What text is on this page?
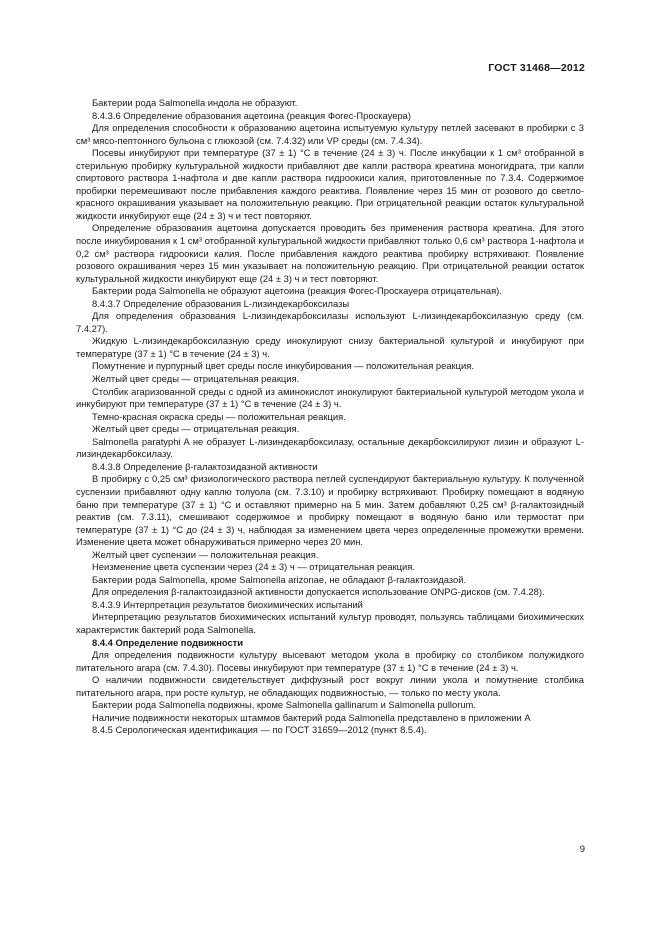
ГОСТ 31468—2012

Бактерии рода Salmonella индола не образуют.

8.4.3.6 Определение образования ацетоина (реакция Фогес-Проскауера)

Для определения способности к образованию ацетоина испытуемую культуру петлей засевают в пробирки с 3 см³ мясо-пептонного бульона с глюкозой (см. 7.4.32) или VP среды (см. 7.4.34).

Посевы инкубируют при температуре (37 ± 1) °С в течение (24 ± 3) ч. После инкубации к 1 см³ отобранной в стерильную пробирку культуральной жидкости прибавляют две капли раствора креатина моногидрата, три капли спиртового раствора 1-нафтола и две капли раствора гидроокиси калия, приготовленные по 7.3.4. Содержимое пробирки перемешивают после прибавления каждого реактива. Появление через 15 мин от розового до светло-красного окрашивания указывает на положительную реакцию. При отрицательной реакции остаток культуральной жидкости инкубируют еще (24 ± 3) ч и тест повторяют.

Определение образования ацетоина допускается проводить без применения раствора креатина. Для этого после инкубирования к 1 см³ отобранной культуральной жидкости прибавляют только 0,6 см³ раствора 1-нафтола и 0,2 см³ раствора гидроокиси калия. После прибавления каждого реактива пробирку встряхивают. Появление розового окрашивания через 15 мин указывает на положительную реакцию. При отрицательной реакции остаток культуральной жидкости инкубируют еще (24 ± 3) ч и тест повторяют.

Бактерии рода Salmonella не образуют ацетоина (реакция Фогес-Проскауера отрицательная).

8.4.3.7 Определение образования L-лизиндекарбоксилазы

Для определения образования L-лизиндекарбоксилазы используют L-лизиндекарбоксилазную среду (см. 7.4.27).

Жидкую L-лизиндекарбоксилазную среду инокулируют снизу бактериальной культурой и инкубируют при температуре (37 ± 1) °С в течение (24 ± 3) ч.

Помутнение и пурпурный цвет среды после инкубирования — положительная реакция.

Желтый цвет среды — отрицательная реакция.

Столбик агаризованной среды с одной из аминокислот инокулируют бактериальной культурой методом укола и инкубируют при температуре (37 ± 1) °С в течение (24 ± 3) ч.

Темно-красная окраска среды — положительная реакция.

Желтый цвет среды — отрицательная реакция.

Salmonella paratyphi A не образует L-лизиндекарбоксилазу, остальные декарбоксилируют лизин и образуют L-лизиндекарбоксилазу.

8.4.3.8 Определение β-галактозидазной активности

В пробирку с 0,25 см³ физиологического раствора петлей суспендируют бактериальную культуру. К полученной суспензии прибавляют одну каплю толуола (см. 7.3.10) и пробирку встряхивают. Пробирку помещают в водяную баню при температуре (37 ± 1) °С и оставляют примерно на 5 мин. Затем добавляют 0,25 см³ β-галактозидный реактив (см. 7.3.11), смешивают содержимое и пробирку помещают в водяную баню или термостат при температуре (37 ± 1) °С до (24 ± 3) ч, наблюдая за изменением цвета через определенные промежутки времени. Изменение цвета может обнаруживаться примерно через 20 мин.

Желтый цвет суспензии — положительная реакция.

Неизменение цвета суспензии через (24 ± 3) ч — отрицательная реакция.

Бактерии рода Salmonella, кроме Salmonella arizonae, не обладают β-галактозидазой.

Для определения β-галактозидазной активности допускается использование ONPG-дисков (см. 7.4.28).

8.4.3.9 Интерпретация результатов биохимических испытаний

Интерпретацию результатов биохимических испытаний культур проводят, пользуясь таблицами биохимических характеристик бактерий рода Salmonella.

8.4.4 Определение подвижности

Для определения подвижности культуру высевают методом укола в пробирку со столбиком полужидкого питательного агара (см. 7.4.30). Посевы инкубируют при температуре (37 ± 1) °С в течение (24 ± 3) ч.

О наличии подвижности свидетельствует диффузный рост вокруг линии укола и помутнение столбика питательного агара, при росте культур, не обладающих подвижностью, — только по месту укола.

Бактерии рода Salmonella подвижны, кроме Salmonella gallinarum и Salmonella pullorum.

Наличие подвижности некоторых штаммов бактерий рода Salmonella представлено в приложении А

8.4.5 Серологическая идентификация — по ГОСТ 31659—2012 (пункт 8.5.4).

9
